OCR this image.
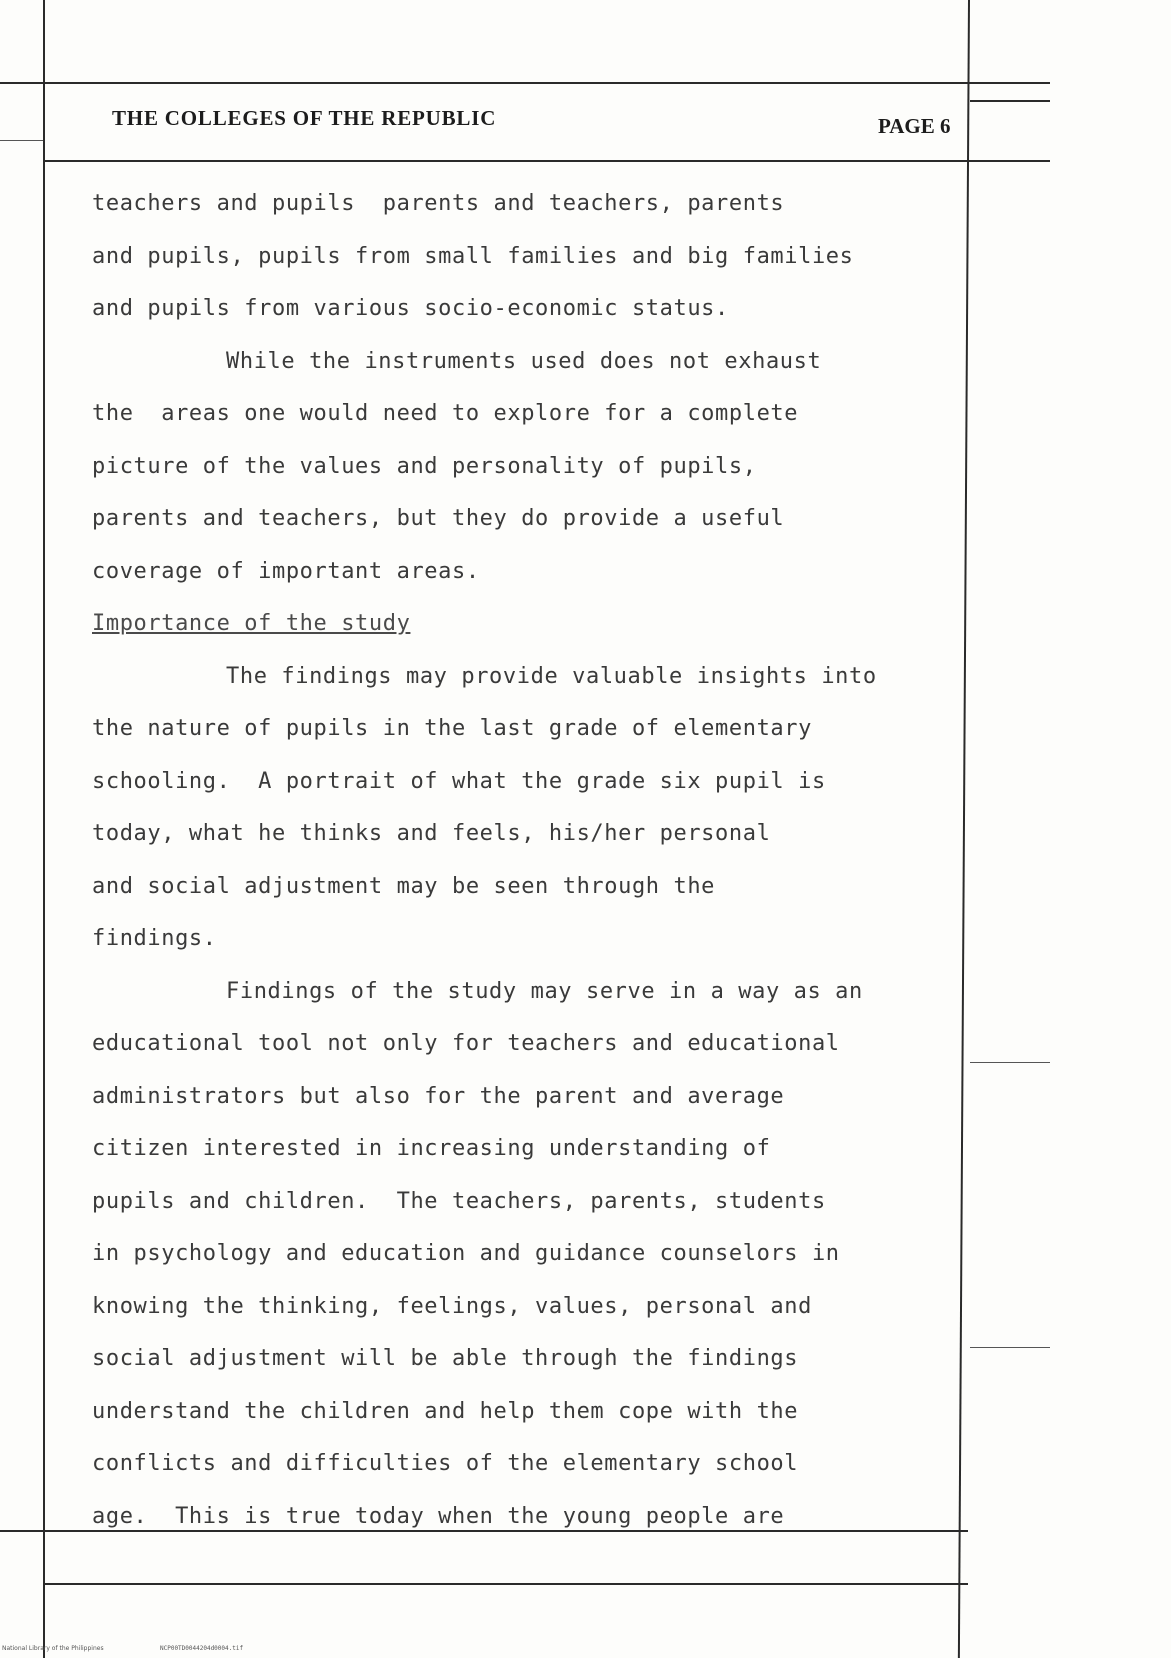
THE COLLEGES OF THE REPUBLIC	PAGE 6
teachers and pupils  parents and teachers, parents
and pupils, pupils from small families and big families
and pupils from various socio-economic status.
While the instruments used does not exhaust
the  areas one would need to explore for a complete
picture of the values and personality of pupils,
parents and teachers, but they do provide a useful
coverage of important areas.
Importance of the study
The findings may provide valuable insights into
the nature of pupils in the last grade of elementary
schooling.  A portrait of what the grade six pupil is
today, what he thinks and feels, his/her personal
and social adjustment may be seen through the
findings.
Findings of the study may serve in a way as an
educational tool not only for teachers and educational
administrators but also for the parent and average
citizen interested in increasing understanding of
pupils and children.  The teachers, parents, students
in psychology and education and guidance counselors in
knowing the thinking, feelings, values, personal and
social adjustment will be able through the findings
understand the children and help them cope with the
conflicts and difficulties of the elementary school
age.  This is true today when the young people are
National Library of the Philippines	NCP00TD0044204d0004.tif
